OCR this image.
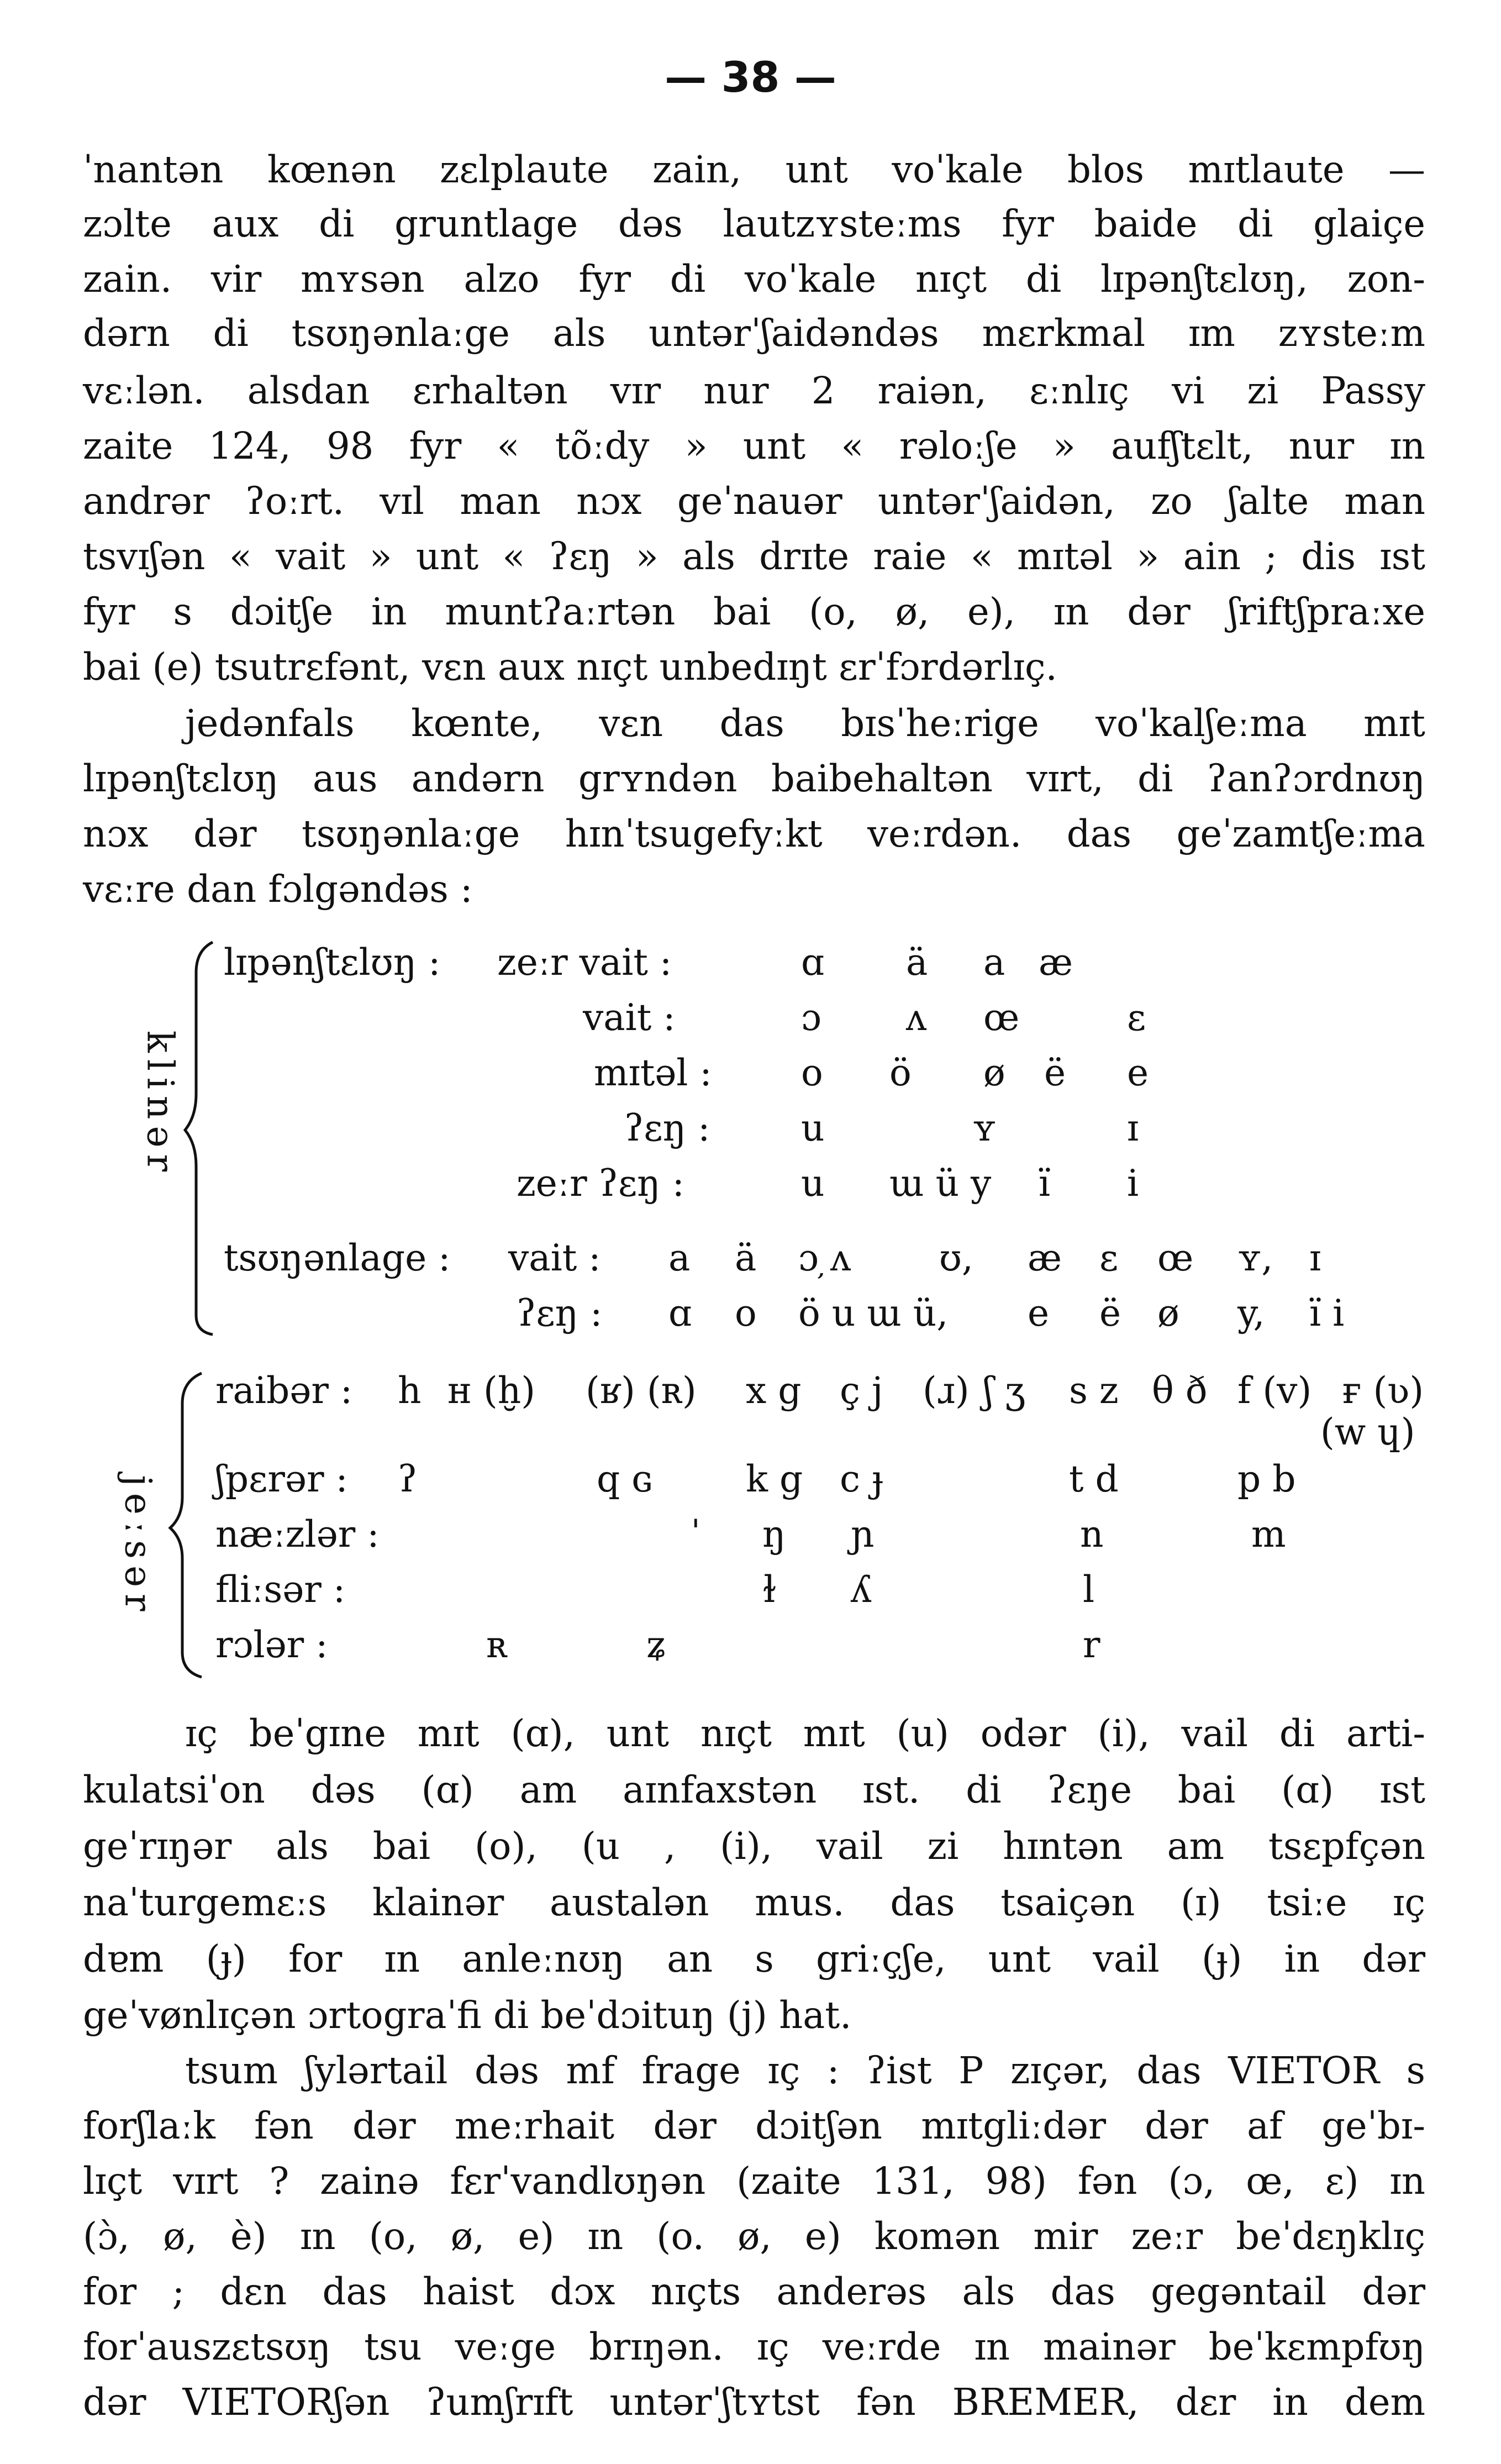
— 38 —
ˈnantən kœnən zɛlplaute zain, unt voˈkale blos mɪtlaute —
zɔlte aux di gruntlage dəs lautzʏsteːms fyr baide di glaiçe
zain. vir mʏsən alzo fyr di voˈkale nɪçt di lɪpənʃtɛlʊŋ, zon-
dərn di tsʊŋənlaːge als untərˈʃaidəndəs mɛrkmal ɪm zʏsteːm
vɛːlən. alsdan ɛrhaltən vɪr nur 2 raiən, ɛːnlɪç vi zi Passy
zaite 124, 98 fyr « tõːdy » unt « rəloːʃe » aufʃtɛlt, nur ɪn
andrər ʔoːrt. vɪl man nɔx geˈnauər untərˈʃaidən, zo ʃalte man
tsvɪʃən « vait » unt « ʔɛŋ » als drɪte raie « mɪtəl » ain ; dis ɪst
fyr s dɔitʃe in muntʔaːrtən bai (o, ø, e), ɪn dər ʃriftʃpraːxe
bai (e) tsutrɛfənt, vɛn aux nɪçt unbedɪŋt ɛrˈfɔrdərlɪç.
jedənfals kœnte, vɛn das bɪsˈheːrige voˈkalʃeːma mɪt
lɪpənʃtɛlʊŋ aus andərn grʏndən baibehaltən vɪrt, di ʔanʔɔrdnʊŋ
nɔx dər tsʊŋənlaːge hɪnˈtsugefyːkt veːrdən. das geˈzamtʃeːma
vɛːre dan fɔlgəndəs :
klinər
lɪpənʃtɛlʊŋ : zeːr vait :	ɑ ä a æ
vait :	ɔ ʌ œ	ɛ
mɪtəl : o ö ø ë e
ʔɛŋ : u	ʏ	ɪ
zeːr ʔɛŋ :	u ɯ ü y ï i
tsʊŋənlage : vait : a ä ɔ ̦ʌ ʊ, æ ɛ œ ʏ, ɪ
ʔɛŋ : ɑ o ö u ɯ ü, e ë ø y, ï i
jeːsər
raibər : h ʜ (ḫ) (ʁ) (ʀ) x g ç j (ɹ) ʃ ʒ s z θ ð f (v) ғ (ʋ)
(w ɥ)
ʃpɛrər : ʔ	q ɢ	k g c ɟ	t d	p b
næːzlər :	ˈ ŋ ɲ	n	m
fliːsər :	ɫ ʎ	l
rɔlər :	ʀ	ʑ	r
ɪç beˈgɪne mɪt (ɑ), unt nɪçt mɪt (u) odər (i), vail di arti-
kulatsiˈon dəs (ɑ) am aɪnfaxstən ɪst. di ʔɛŋe bai (ɑ) ɪst
geˈrɪŋər als bai (o), (u , (i), vail zi hɪntən am tsɛpfçən
naˈturgemɛːs klainər austalən mus. das tsaiçən (ɪ) tsiːe ɪç
dɐm (ɟ) for ɪn anleːnʊŋ an s griːçʃe, unt vail (ɟ) in dər
geˈvønlɪçən ɔrtograˈfi di beˈdɔituŋ (j) hat.
tsum ʃylərtail dəs mf frage ɪç : ʔist P zɪçər, das VIETOR s
forʃlaːk fən dər meːrhait dər dɔitʃən mɪtgliːdər dər af geˈbɪ-
lɪçt vɪrt ? zainə fɛrˈvandlʊŋən (zaite 131, 98) fən (ɔ, œ, ɛ) ɪn
(ɔ̀, ø, è) ɪn (o, ø, e) ɪn (o. ø, e) komən mir zeːr beˈdɛŋklɪç
for ; dɛn das haist dɔx nɪçts anderəs als das gegəntail dər
forˈauszɛtsʊŋ tsu veːge brɪŋən. ɪç veːrde ɪn mainər beˈkɛmpfʊŋ
dər VIETORʃən ʔumʃrɪft untərˈʃtʏtst fən BREMER, dɛr in dem
